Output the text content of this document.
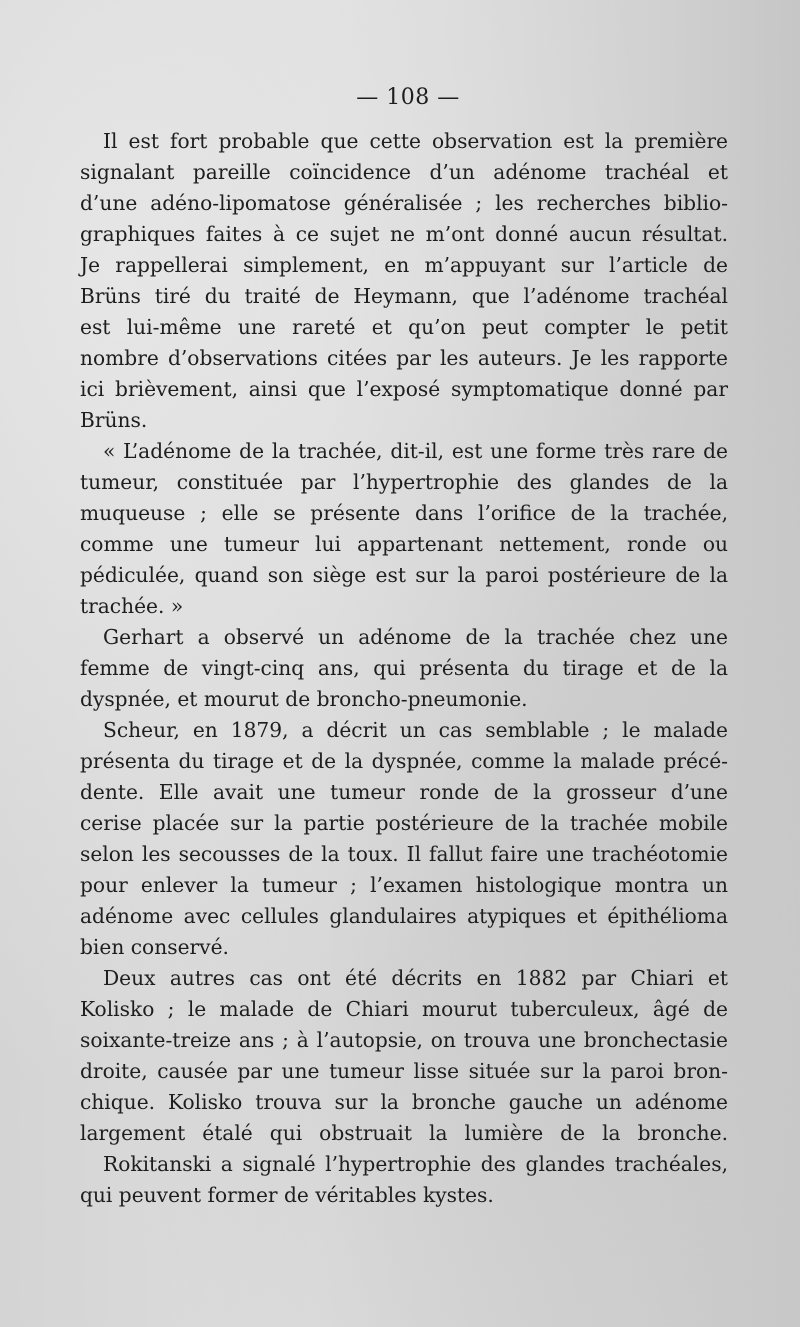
— 108 —
Il est fort probable que cette observation est la première
signalant pareille coïncidence d’un adénome trachéal et
d’une adéno-lipomatose généralisée ; les recherches biblio-
graphiques faites à ce sujet ne m’ont donné aucun résultat.
Je rappellerai simplement, en m’appuyant sur l’article de
Brüns tiré du traité de Heymann, que l’adénome trachéal
est lui-même une rareté et qu’on peut compter le petit
nombre d’observations citées par les auteurs. Je les rapporte
ici brièvement, ainsi que l’exposé symptomatique donné par
Brüns.
« L’adénome de la trachée, dit-il, est une forme très rare de
tumeur, constituée par l’hypertrophie des glandes de la
muqueuse ; elle se présente dans l’orifice de la trachée,
comme une tumeur lui appartenant nettement, ronde ou
pédiculée, quand son siège est sur la paroi postérieure de la
trachée. »
Gerhart a observé un adénome de la trachée chez une
femme de vingt-cinq ans, qui présenta du tirage et de la
dyspnée, et mourut de broncho-pneumonie.
Scheur, en 1879, a décrit un cas semblable ; le malade
présenta du tirage et de la dyspnée, comme la malade précé-
dente. Elle avait une tumeur ronde de la grosseur d’une
cerise placée sur la partie postérieure de la trachée mobile
selon les secousses de la toux. Il fallut faire une trachéotomie
pour enlever la tumeur ; l’examen histologique montra un
adénome avec cellules glandulaires atypiques et épithélioma
bien conservé.
Deux autres cas ont été décrits en 1882 par Chiari et
Kolisko ; le malade de Chiari mourut tuberculeux, âgé de
soixante-treize ans ; à l’autopsie, on trouva une bronchectasie
droite, causée par une tumeur lisse située sur la paroi bron-
chique. Kolisko trouva sur la bronche gauche un adénome
largement étalé qui obstruait la lumière de la bronche.
Rokitanski a signalé l’hypertrophie des glandes trachéales,
qui peuvent former de véritables kystes.
